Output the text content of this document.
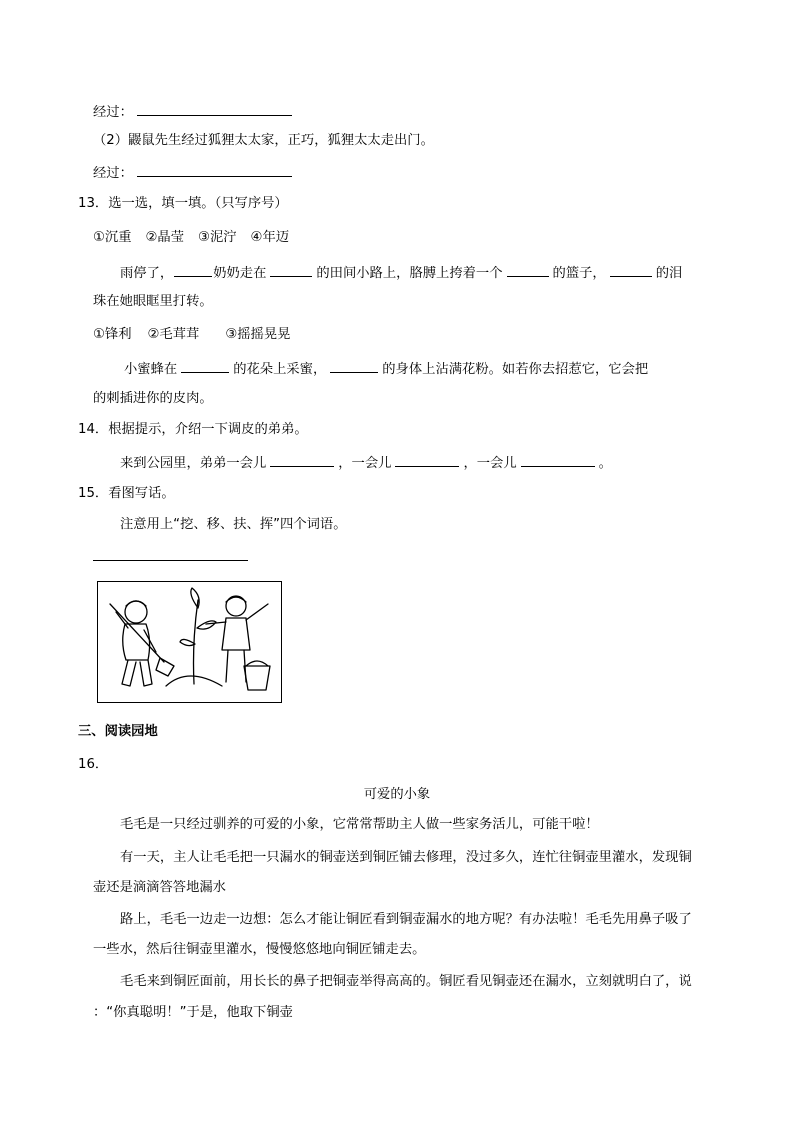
经过：
（2）鼹鼠先生经过狐狸太太家，正巧，狐狸太太走出门。
经过：
13．选一选，填一填。（只写序号）
①沉重 ②晶莹 ③泥泞 ④年迈
雨停了，	奶奶走在	的田间小路上，胳膊上挎着一个	的篮子，	的泪
珠在她眼眶里打转。
①锋利 ②毛茸茸 ③摇摇晃晃
小蜜蜂在	的花朵上采蜜，	的身体上沾满花粉。如若你去招惹它，它会把
的刺插进你的皮肉。
14．根据提示，介绍一下调皮的弟弟。
来到公园里，弟弟一会儿	，一会儿	，一会儿	。
15．看图写话。
注意用上“挖、移、扶、挥”四个词语。
三、阅读园地
16．
可爱的小象
毛毛是一只经过驯养的可爱的小象，它常常帮助主人做一些家务活儿，可能干啦！
有一天，主人让毛毛把一只漏水的铜壶送到铜匠铺去修理，没过多久，连忙往铜壶里灌水，发现铜
壶还是滴滴答答地漏水
路上，毛毛一边走一边想：怎么才能让铜匠看到铜壶漏水的地方呢？有办法啦！毛毛先用鼻子吸了
一些水，然后往铜壶里灌水，慢慢悠悠地向铜匠铺走去。
毛毛来到铜匠面前，用长长的鼻子把铜壶举得高高的。铜匠看见铜壶还在漏水，立刻就明白了，说
：“你真聪明！”于是，他取下铜壶
